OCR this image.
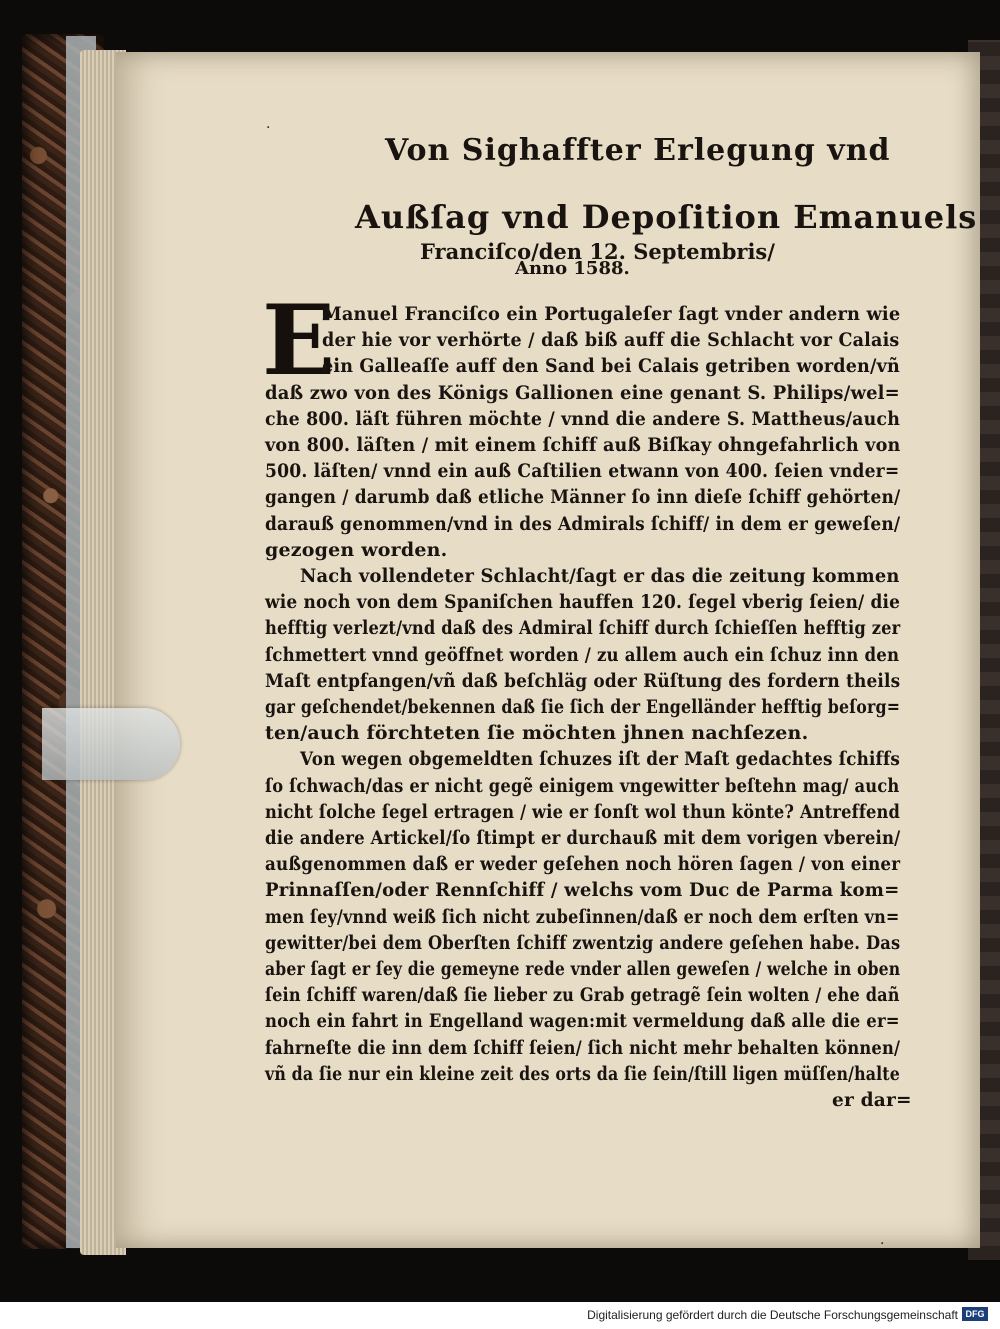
Von Sighaffter Erlegung vnd
Außſag vnd Depoſition Emanuels
Franciſco/den 12. Septembris/
Anno 1588.
E
Manuel Franciſco ein Portugaleſer ſagt vnder andern wie
der hie vor verhörte / daß biß auff die Schlacht vor Calais
ein Galleaſſe auff den Sand bei Calais getriben worden/vñ
daß zwo von des Königs Gallionen eine genant S. Philips/wel=
che 800. läſt führen möchte / vnnd die andere S. Mattheus/auch
von 800. läſten / mit einem ſchiff auß Biſkay ohngefahrlich von
500. läſten/ vnnd ein auß Caſtilien etwann von 400. ſeien vnder=
gangen / darumb daß etliche Männer ſo inn dieſe ſchiff gehörten/
darauß genommen/vnd in des Admirals ſchiff/ in dem er geweſen/
gezogen worden.
Nach vollendeter Schlacht/ſagt er das die zeitung kommen
wie noch von dem Spaniſchen hauffen 120. ſegel vberig ſeien/ die
hefftig verlezt/vnd daß des Admiral ſchiff durch ſchieſſen hefftig zer
ſchmettert vnnd geöffnet worden / zu allem auch ein ſchuz inn den
Maſt entpfangen/vñ daß beſchläg oder Rüſtung des fordern theils
gar geſchendet/bekennen daß ſie ſich der Engelländer hefftig beſorg=
ten/auch förchteten ſie möchten jhnen nachſezen.
Von wegen obgemeldten ſchuzes iſt der Maſt gedachtes ſchiffs
ſo ſchwach/das er nicht gegẽ einigem vngewitter beſtehn mag/ auch
nicht ſolche ſegel ertragen / wie er ſonſt wol thun könte? Antreffend
die andere Artickel/ſo ſtimpt er durchauß mit dem vorigen vberein/
außgenommen daß er weder geſehen noch hören ſagen / von einer
Prinnaſſen/oder Rennſchiff / welchs vom Duc de Parma kom=
men ſey/vnnd weiß ſich nicht zubeſinnen/daß er noch dem erſten vn=
gewitter/bei dem Oberſten ſchiff zwentzig andere geſehen habe. Das
aber ſagt er ſey die gemeyne rede vnder allen geweſen / welche in oben
ſein ſchiff waren/daß ſie lieber zu Grab getragẽ ſein wolten / ehe dañ
noch ein fahrt in Engelland wagen:mit vermeldung daß alle die er=
fahrneſte die inn dem ſchiff ſeien/ ſich nicht mehr behalten können/
vñ da ſie nur ein kleine zeit des orts da ſie ſein/ſtill ligen müſſen/halte
er dar=
·
·
Digitalisierung gefördert durch die Deutsche Forschungsgemeinschaft DFG
